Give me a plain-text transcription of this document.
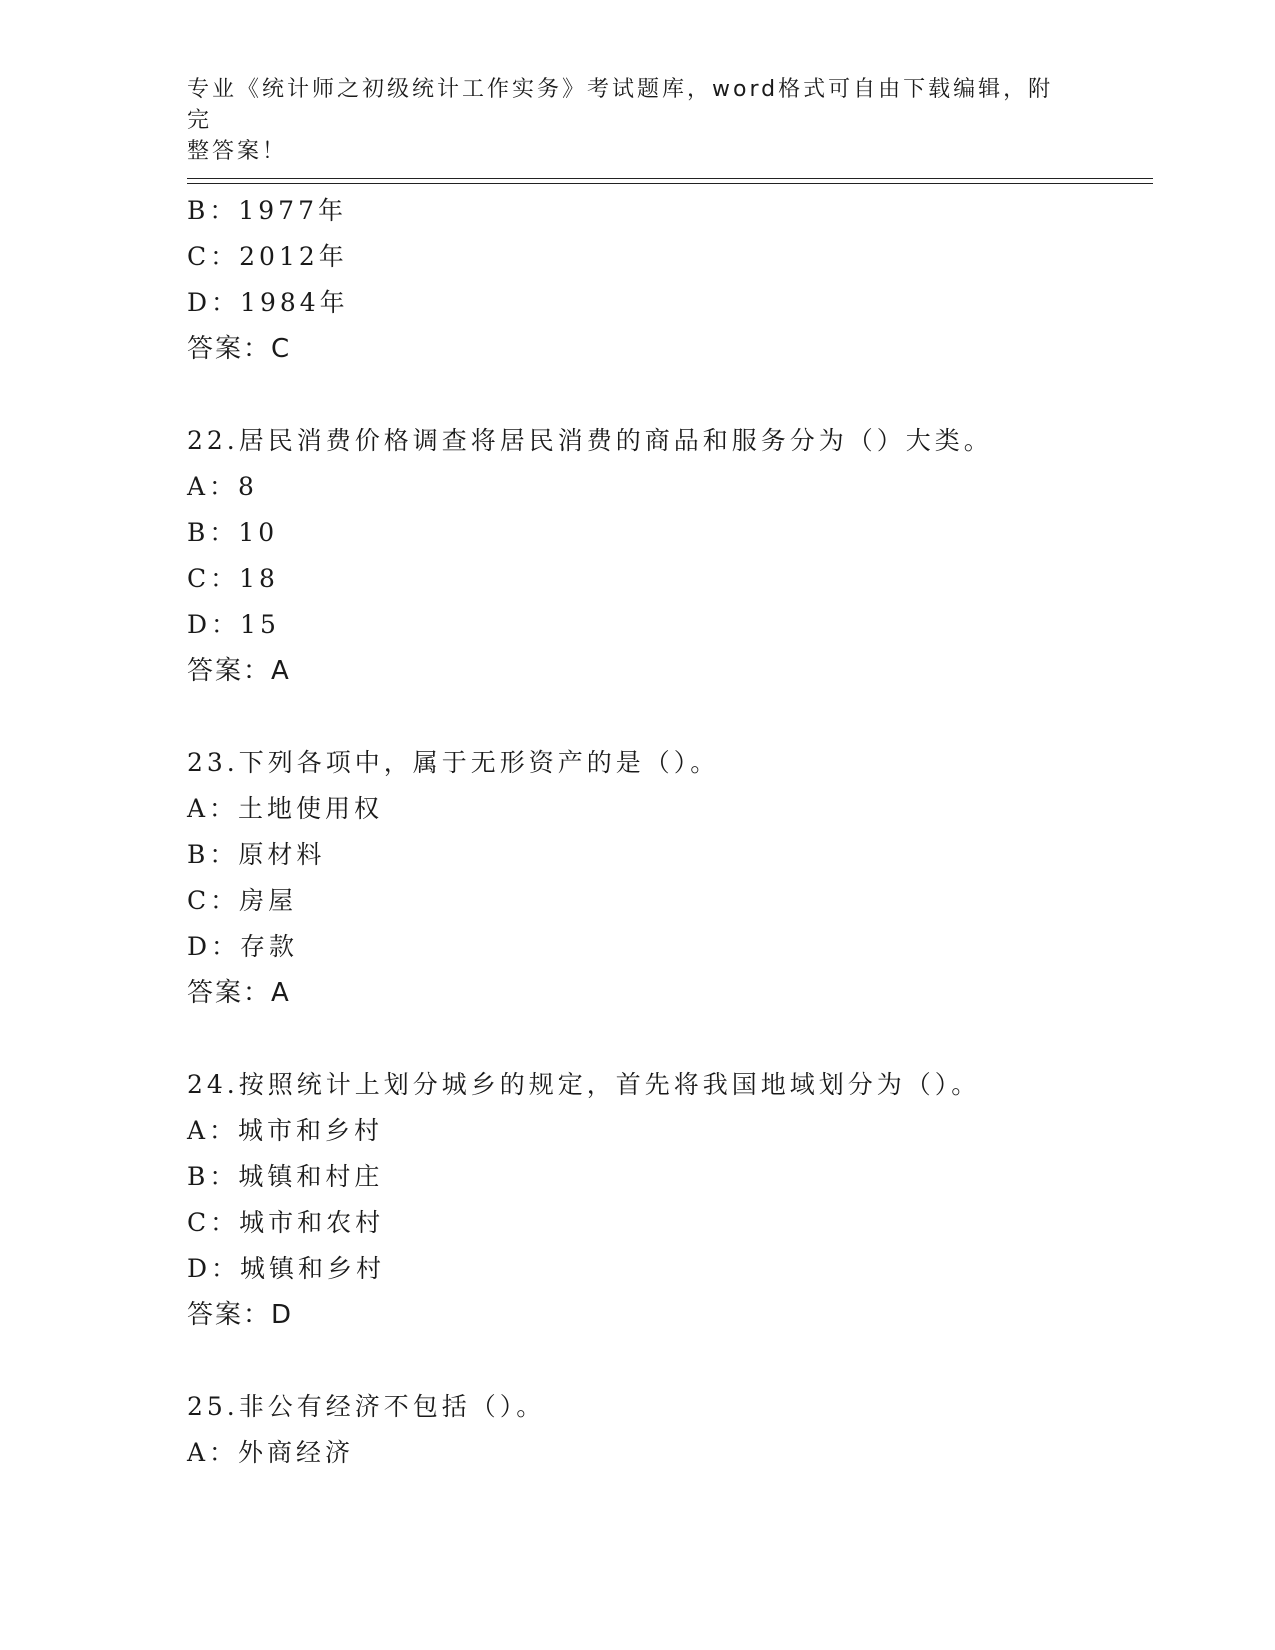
专业《统计师之初级统计工作实务》考试题库，word格式可自由下载编辑，附完
整答案！
B：1977年
C：2012年
D：1984年
答案：C
22.居民消费价格调查将居民消费的商品和服务分为（）大类。
A：8
B：10
C：18
D：15
答案：A
23.下列各项中，属于无形资产的是（）。
A：土地使用权
B：原材料
C：房屋
D：存款
答案：A
24.按照统计上划分城乡的规定，首先将我国地域划分为（）。
A：城市和乡村
B：城镇和村庄
C：城市和农村
D：城镇和乡村
答案：D
25.非公有经济不包括（）。
A：外商经济
